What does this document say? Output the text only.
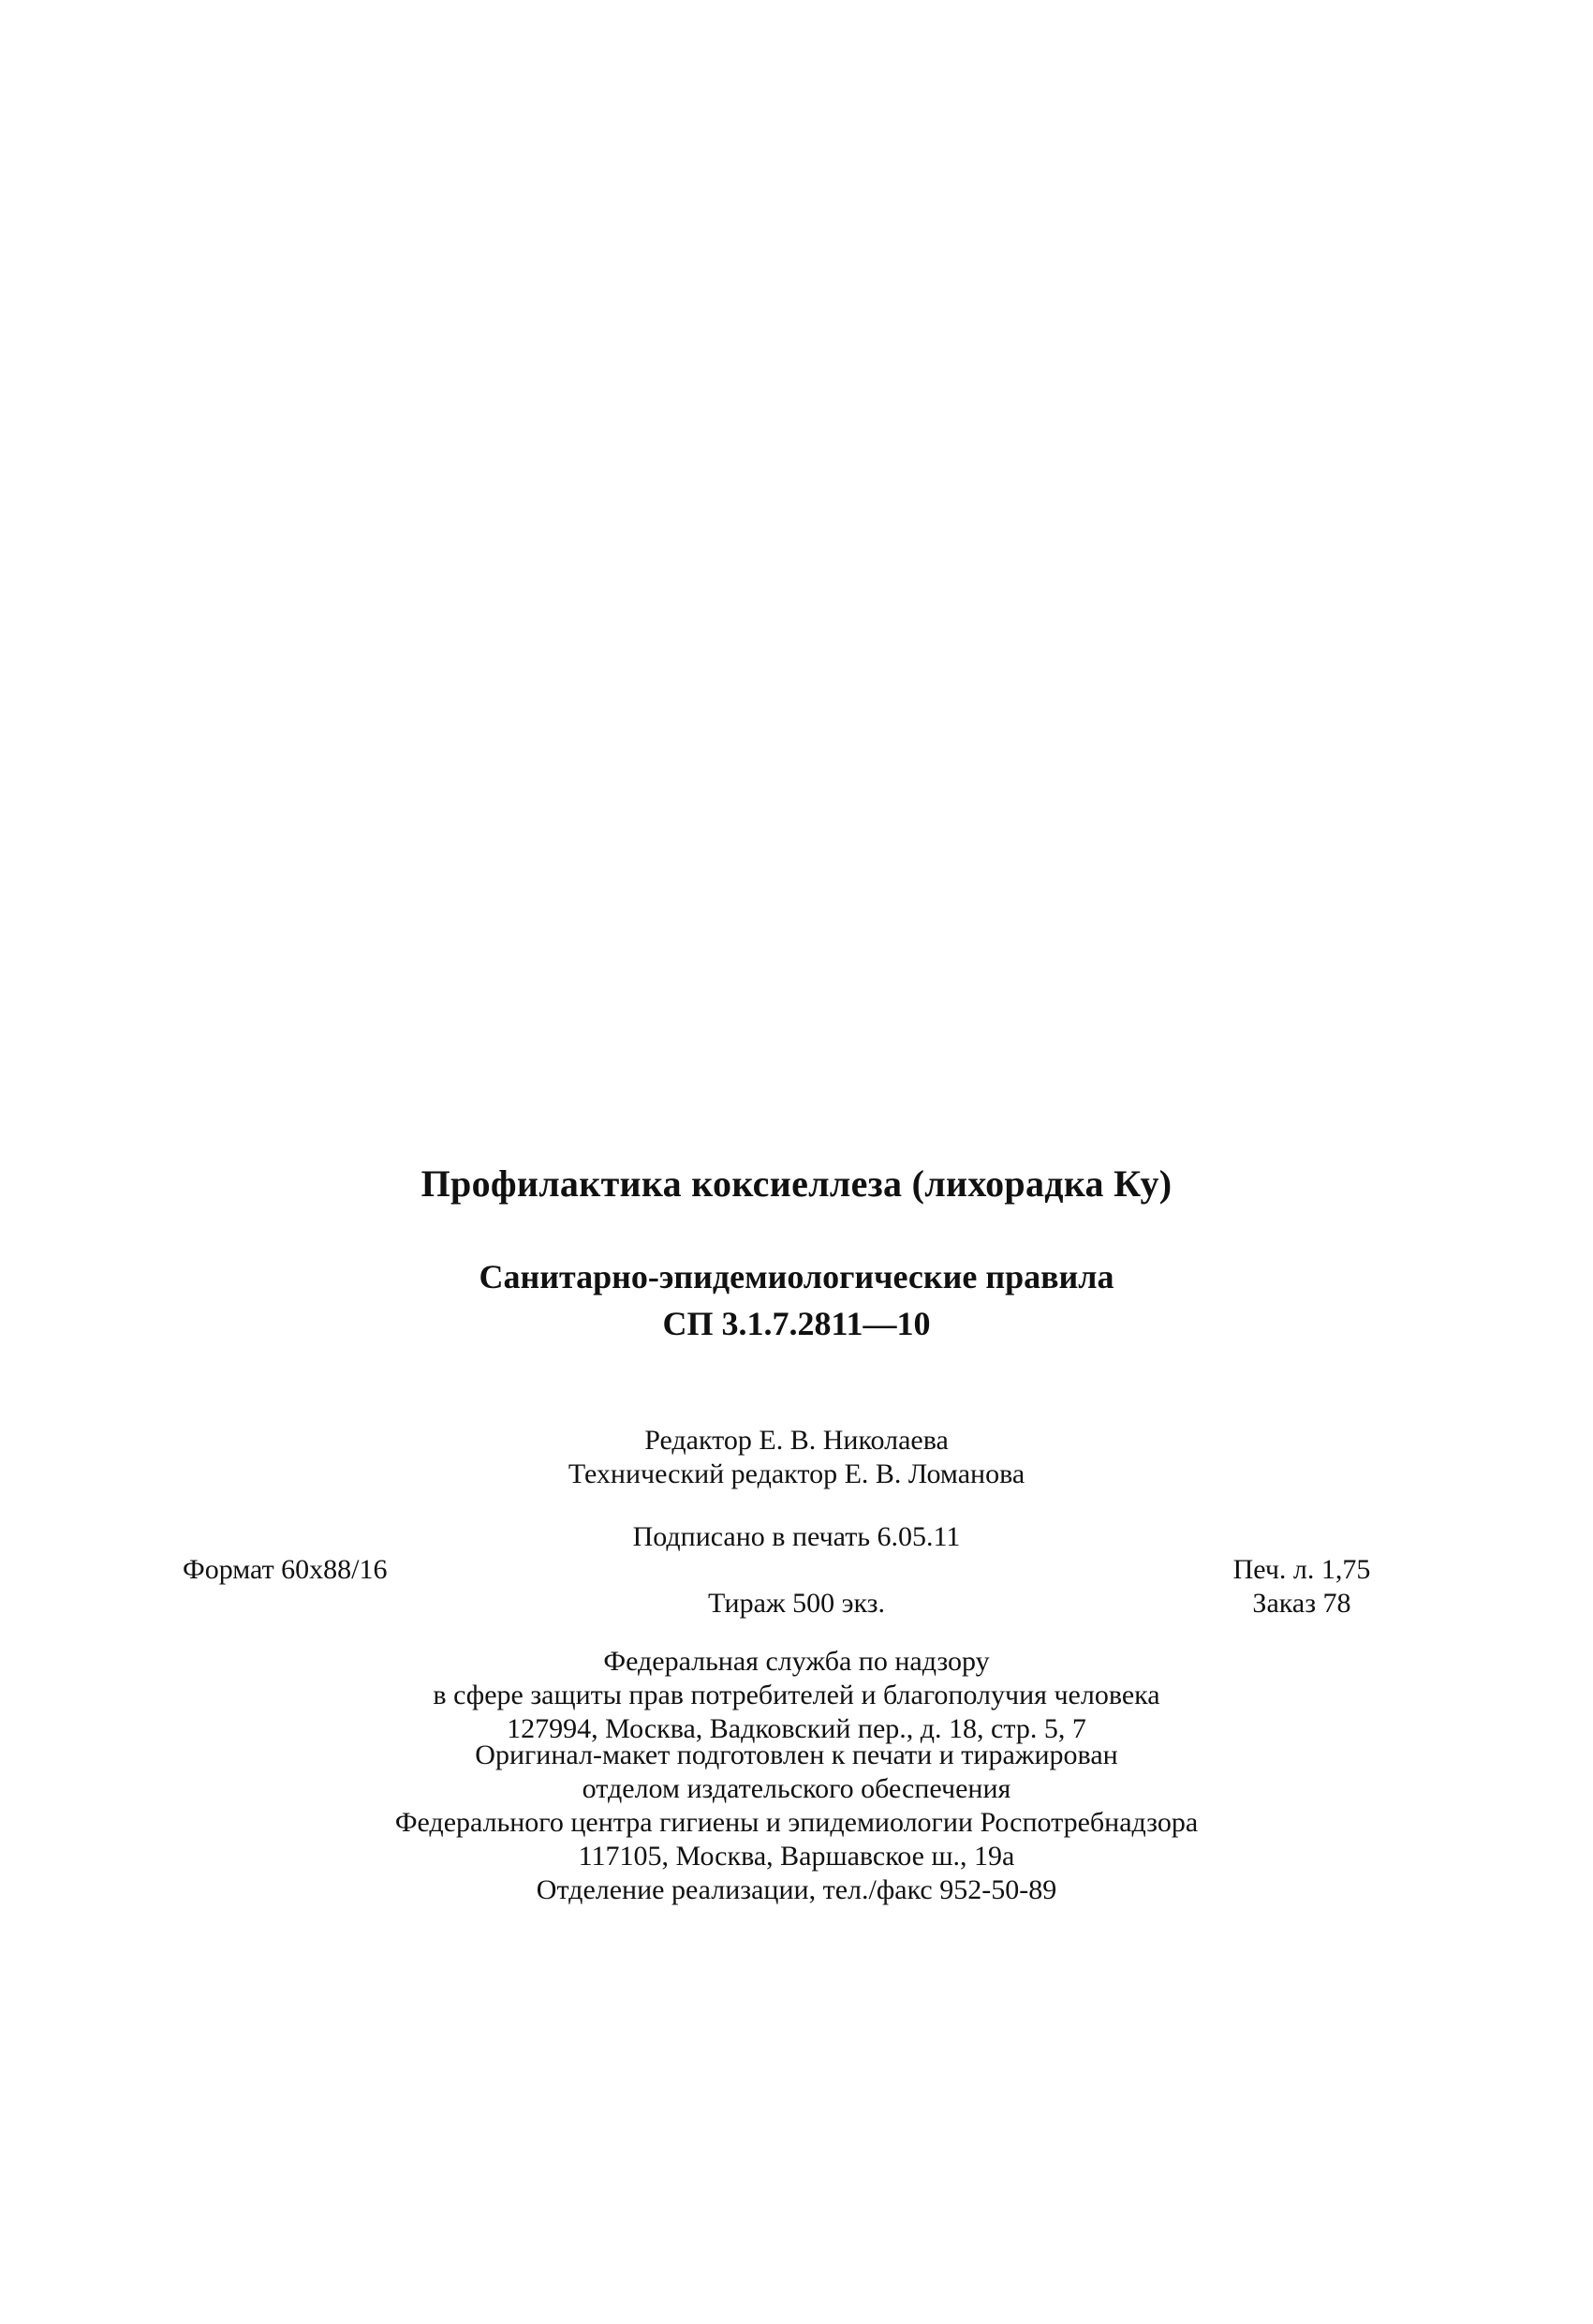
Профилактика коксиеллеза (лихорадка Ку)
Санитарно-эпидемиологические правила
СП 3.1.7.2811—10
Редактор Е. В. Николаева
Технический редактор Е. В. Ломанова
Подписано в печать 6.05.11
Формат 60x88/16	Печ. л. 1,75
Заказ 78
Тираж 500 экз.
Федеральная служба по надзору
в сфере защиты прав потребителей и благополучия человека
127994, Москва, Вадковский пер., д. 18, стр. 5, 7
Оригинал-макет подготовлен к печати и тиражирован
отделом издательского обеспечения
Федерального центра гигиены и эпидемиологии Роспотребнадзора
117105, Москва, Варшавское ш., 19а
Отделение реализации, тел./факс 952-50-89
